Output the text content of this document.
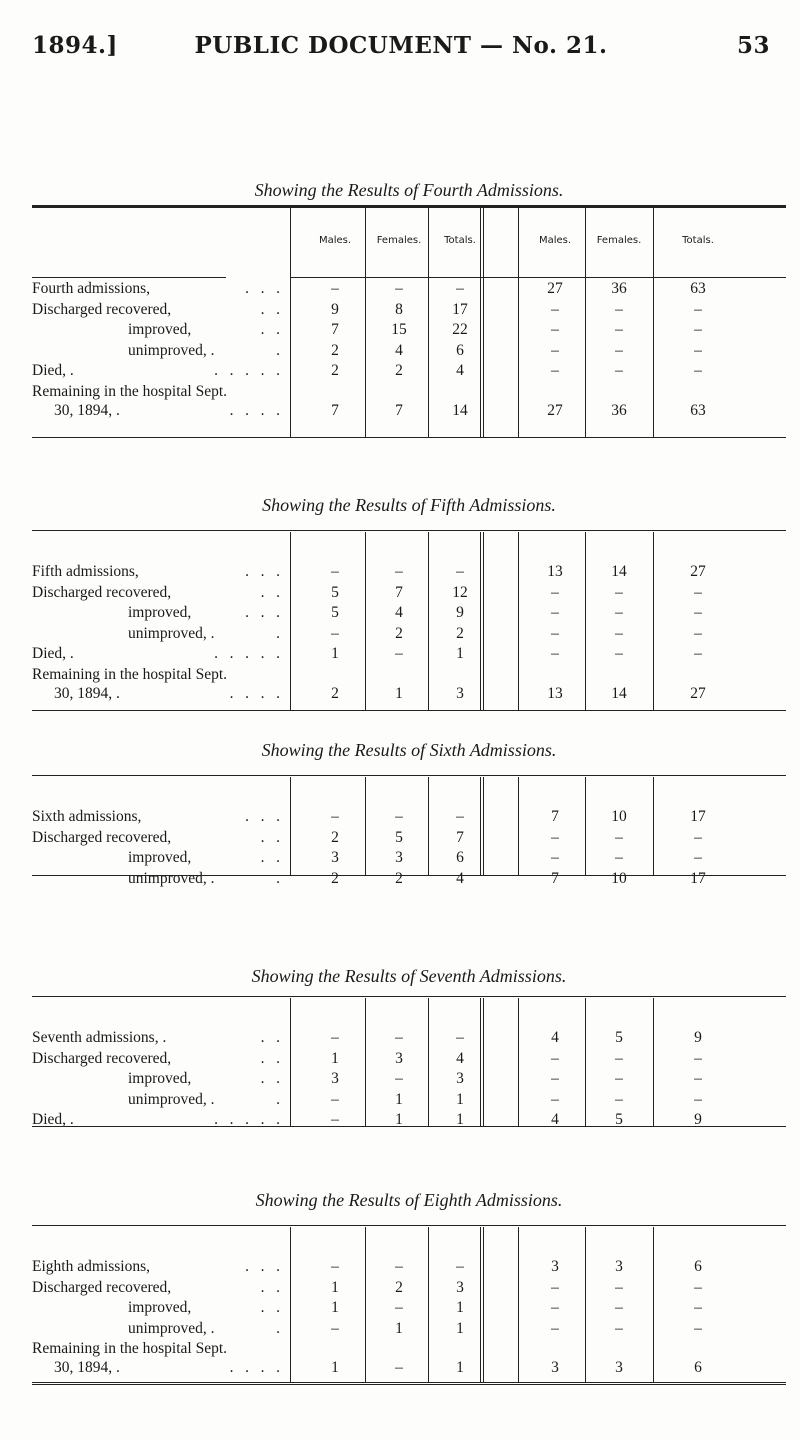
1894.]	PUBLIC DOCUMENT — No. 21.	53
Showing the Results of Fourth Admissions.
Males.	Females.	Totals.	Males.	Females.	Totals.
Fourth admissions,	.   .   .	–	–	–	27	36	63
Discharged recovered,	.   .	9	8	17	–	–	–
improved,	.   .	7	15	22	–	–	–
unimproved, .	.	2	4	6	–	–	–
Died, .	.   .   .   .   .	2	2	4	–	–	–
Remaining in the hospital Sept.
30, 1894, .	.   .   .   .	7	7	14	27	36	63
Showing the Results of Fifth Admissions.
Fifth admissions,	.   .   .	–	–	–	13	14	27
Discharged recovered,	.   .	5	7	12	–	–	–
improved,	.   .   .	5	4	9	–	–	–
unimproved, .	.	–	2	2	–	–	–
Died, .	.   .   .   .   .	1	–	1	–	–	–
Remaining in the hospital Sept.
30, 1894, .	.   .   .   .	2	1	3	13	14	27
Showing the Results of Sixth Admissions.
Sixth admissions,	.   .   .	–	–	–	7	10	17
Discharged recovered,	.   .	2	5	7	–	–	–
improved,	.   .	3	3	6	–	–	–
unimproved, .	.	2	2	4	7	10	17
Showing the Results of Seventh Admissions.
Seventh admissions, .	.   .	–	–	–	4	5	9
Discharged recovered,	.   .	1	3	4	–	–	–
improved,	.   .	3	–	3	–	–	–
unimproved, .	.	–	1	1	–	–	–
Died, .	.   .   .   .   .	–	1	1	4	5	9
Showing the Results of Eighth Admissions.
Eighth admissions,	.   .   .	–	–	–	3	3	6
Discharged recovered,	.   .	1	2	3	–	–	–
improved,	.   .	1	–	1	–	–	–
unimproved, .	.	–	1	1	–	–	–
Remaining in the hospital Sept.
30, 1894, .	.   .   .   .	1	–	1	3	3	6
